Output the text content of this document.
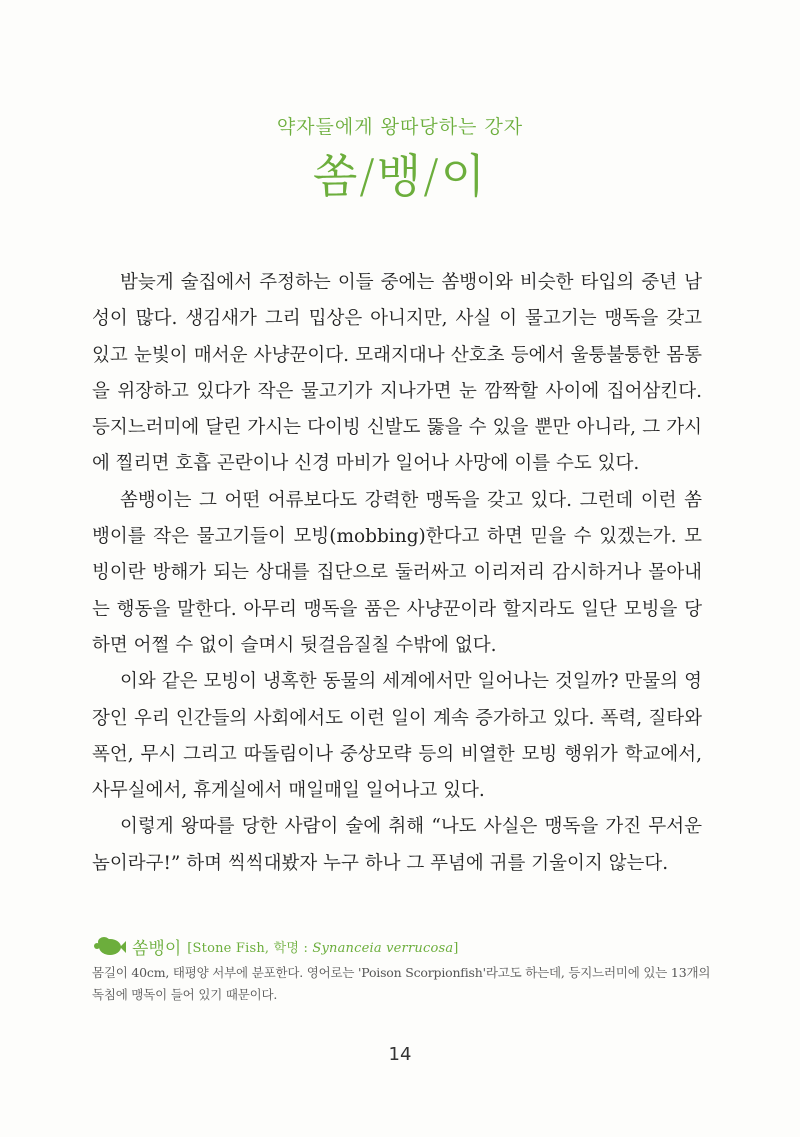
약자들에게 왕따당하는 강자
쏨/뱅/이

밤늦게 술집에서 주정하는 이들 중에는 쏨뱅이와 비슷한 타입의 중년 남성이 많다. 생김새가 그리 밉상은 아니지만, 사실 이 물고기는 맹독을 갖고 있고 눈빛이 매서운 사냥꾼이다. 모래지대나 산호초 등에서 울퉁불퉁한 몸통을 위장하고 있다가 작은 물고기가 지나가면 눈 깜짝할 사이에 집어삼킨다. 등지느러미에 달린 가시는 다이빙 신발도 뚫을 수 있을 뿐만 아니라, 그 가시에 찔리면 호흡 곤란이나 신경 마비가 일어나 사망에 이를 수도 있다.

쏨뱅이는 그 어떤 어류보다도 강력한 맹독을 갖고 있다. 그런데 이런 쏨뱅이를 작은 물고기들이 모빙(mobbing)한다고 하면 믿을 수 있겠는가. 모빙이란 방해가 되는 상대를 집단으로 둘러싸고 이리저리 감시하거나 몰아내는 행동을 말한다. 아무리 맹독을 품은 사냥꾼이라 할지라도 일단 모빙을 당하면 어쩔 수 없이 슬며시 뒷걸음질칠 수밖에 없다.

이와 같은 모빙이 냉혹한 동물의 세계에서만 일어나는 것일까? 만물의 영장인 우리 인간들의 사회에서도 이런 일이 계속 증가하고 있다. 폭력, 질타와 폭언, 무시 그리고 따돌림이나 중상모략 등의 비열한 모빙 행위가 학교에서, 사무실에서, 휴게실에서 매일매일 일어나고 있다.

이렇게 왕따를 당한 사람이 술에 취해 “나도 사실은 맹독을 가진 무서운 놈이라구!” 하며 씩씩대봤자 누구 하나 그 푸념에 귀를 기울이지 않는다.

쏨뱅이 [Stone Fish, 학명 : Synanceia verrucosa]
몸길이 40cm, 태평양 서부에 분포한다. 영어로는 'Poison Scorpionfish'라고도 하는데, 등지느러미에 있는 13개의 독침에 맹독이 들어 있기 때문이다.
14
